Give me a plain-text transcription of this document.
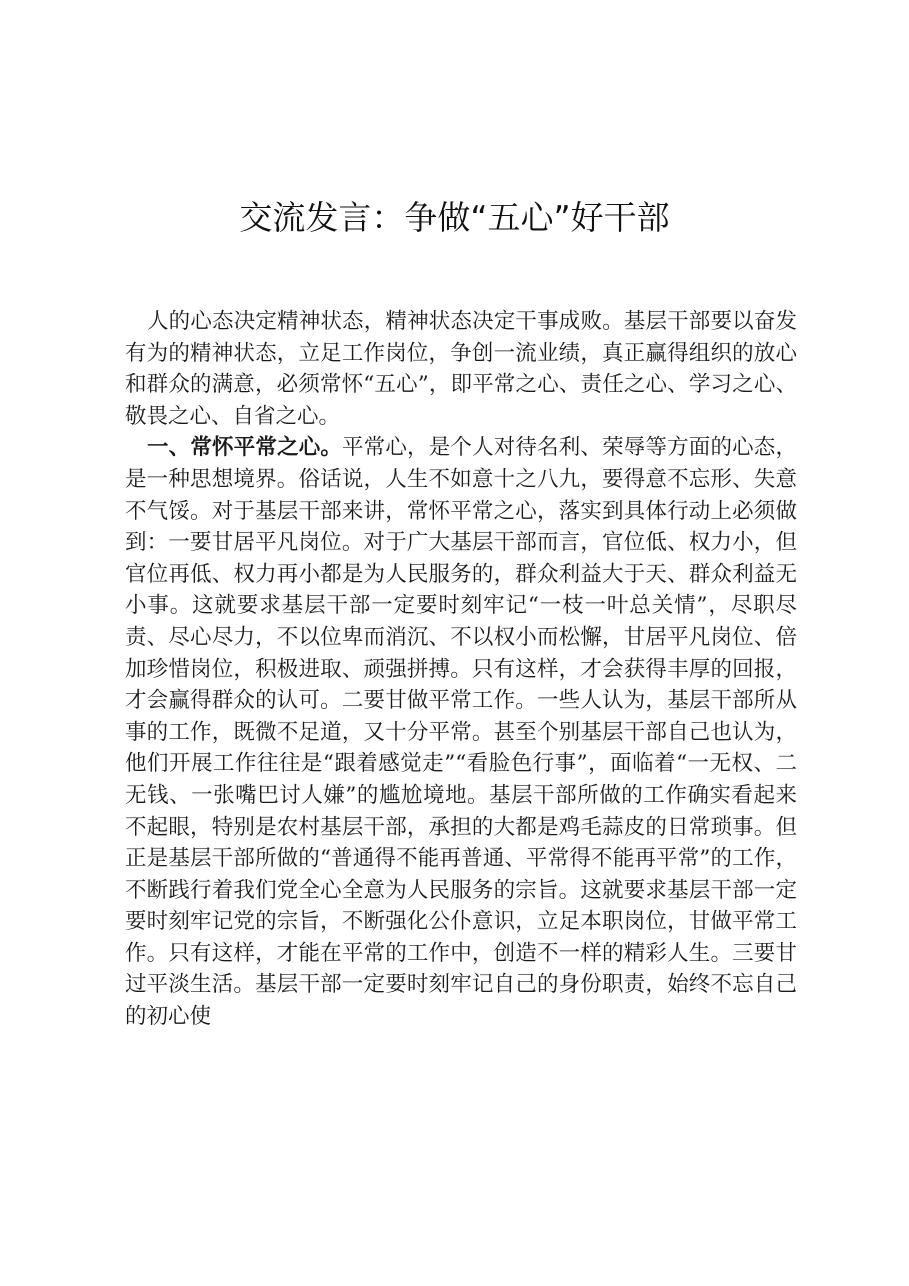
交流发言：争做“五心”好干部

人的心态决定精神状态，精神状态决定干事成败。基层干部要以奋发有为的精神状态，立足工作岗位，争创一流业绩，真正赢得组织的放心和群众的满意，必须常怀“五心”，即平常之心、责任之心、学习之心、敬畏之心、自省之心。

一、常怀平常之心。平常心，是个人对待名利、荣辱等方面的心态，是一种思想境界。俗话说，人生不如意十之八九，要得意不忘形、失意不气馁。对于基层干部来讲，常怀平常之心，落实到具体行动上必须做到：一要甘居平凡岗位。对于广大基层干部而言，官位低、权力小，但官位再低、权力再小都是为人民服务的，群众利益大于天、群众利益无小事。这就要求基层干部一定要时刻牢记“一枝一叶总关情”，尽职尽责、尽心尽力，不以位卑而消沉、不以权小而松懈，甘居平凡岗位、倍加珍惜岗位，积极进取、顽强拼搏。只有这样，才会获得丰厚的回报，才会赢得群众的认可。二要甘做平常工作。一些人认为，基层干部所从事的工作，既微不足道，又十分平常。甚至个别基层干部自己也认为，他们开展工作往往是“跟着感觉走”“看脸色行事”，面临着“一无权、二无钱、一张嘴巴讨人嫌”的尴尬境地。基层干部所做的工作确实看起来不起眼，特别是农村基层干部，承担的大都是鸡毛蒜皮的日常琐事。但正是基层干部所做的“普通得不能再普通、平常得不能再平常”的工作，不断践行着我们党全心全意为人民服务的宗旨。这就要求基层干部一定要时刻牢记党的宗旨，不断强化公仆意识，立足本职岗位，甘做平常工作。只有这样，才能在平常的工作中，创造不一样的精彩人生。三要甘过平淡生活。基层干部一定要时刻牢记自己的身份职责，始终不忘自己的初心使
